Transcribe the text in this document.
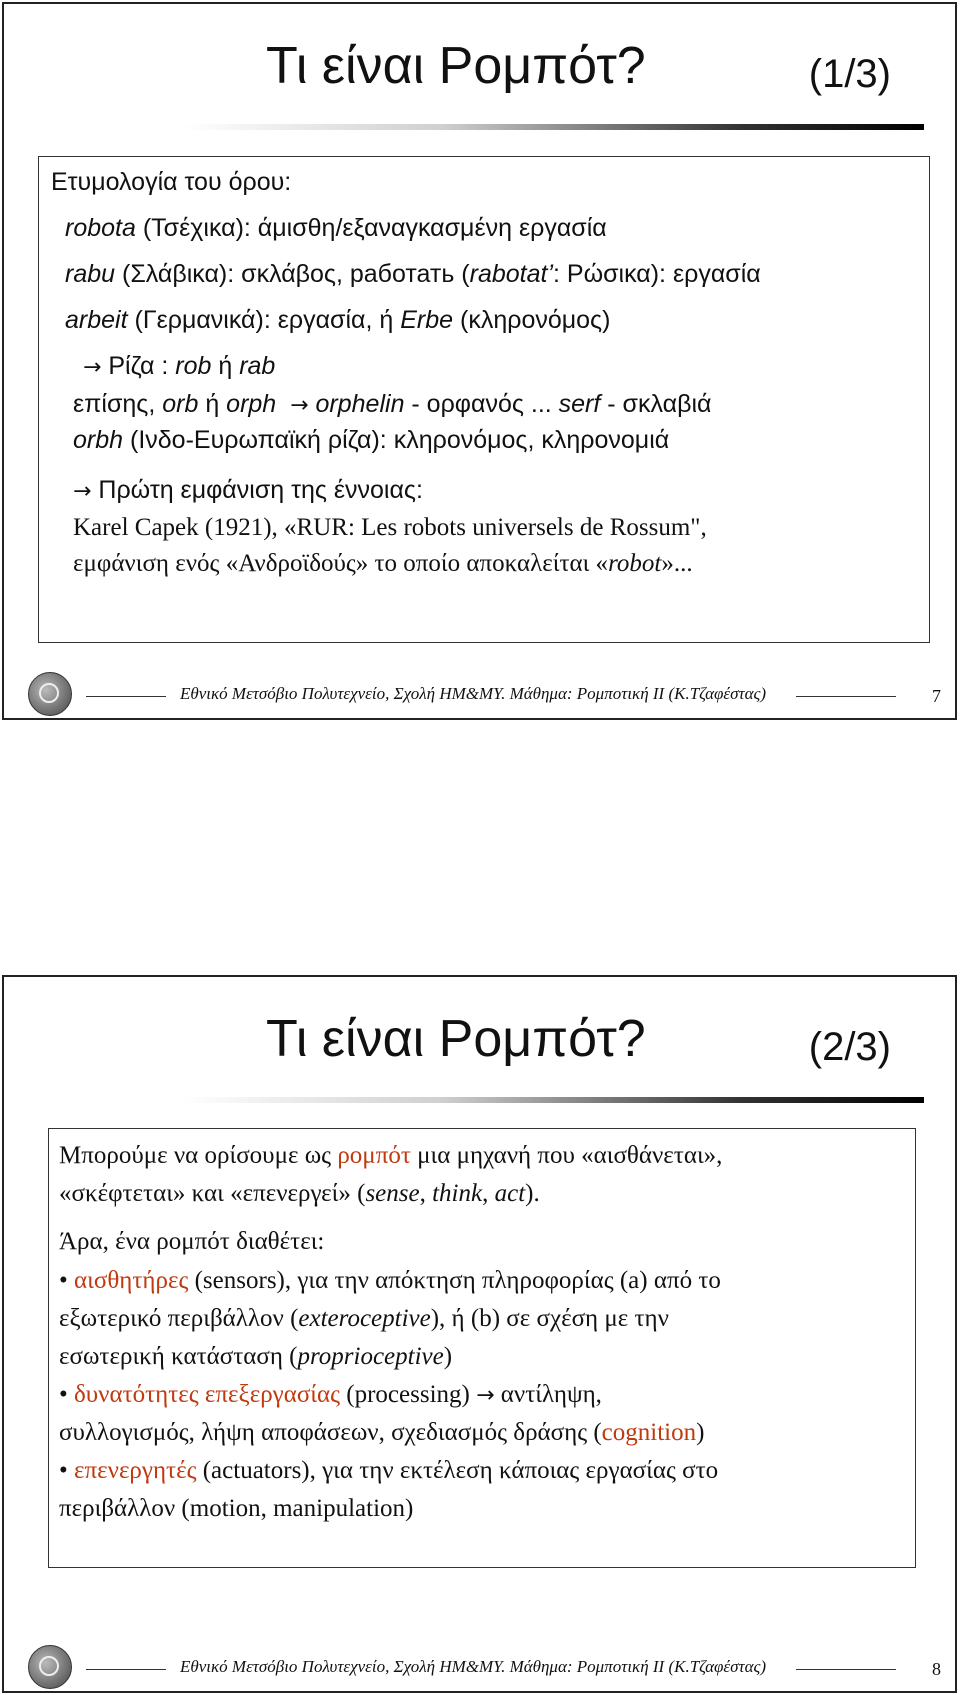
Τι είναι Ρομπότ?	(1/3)
Ετυμολογία του όρου:
robota (Τσέχικα): άμισθη/εξαναγκασμένη εργασία
rabu (Σλάβικα): σκλάβος, работать (rabotat’: Ρώσικα): εργασία
arbeit (Γερμανικά): εργασία, ή Erbe (κληρονόμος)
→ Ρίζα : rob ή rab
επίσης, orb ή orph → orphelin - ορφανός ... serf - σκλαβιά
orbh (Ινδο-Ευρωπαϊκή ρίζα): κληρονόμος, κληρονομιά
→ Πρώτη εμφάνιση της έννοιας:
Karel Capek (1921), «RUR: Les robots universels de Rossum",
εμφάνιση ενός «Ανδροϊδούς» το οποίο αποκαλείται «robot»...
Εθνικό Μετσόβιο Πολυτεχνείο, Σχολή ΗΜ&ΜΥ. Μάθημα: Ρομποτική ΙΙ (Κ.Τζαφέστας)	7
Τι είναι Ρομπότ?	(2/3)
Μπορούμε να ορίσουμε ως ρομπότ μια μηχανή που «αισθάνεται»,
«σκέφτεται» και «επενεργεί» (sense, think, act).
Άρα, ένα ρομπότ διαθέτει:
• αισθητήρες (sensors), για την απόκτηση πληροφορίας (a) από το
εξωτερικό περιβάλλον (exteroceptive), ή (b) σε σχέση με την
εσωτερική κατάσταση (proprioceptive)
• δυνατότητες επεξεργασίας (processing) → αντίληψη,
συλλογισμός, λήψη αποφάσεων, σχεδιασμός δράσης (cognition)
• επενεργητές (actuators), για την εκτέλεση κάποιας εργασίας στο
περιβάλλον (motion, manipulation)
Εθνικό Μετσόβιο Πολυτεχνείο, Σχολή ΗΜ&ΜΥ. Μάθημα: Ρομποτική ΙΙ (Κ.Τζαφέστας)	8
